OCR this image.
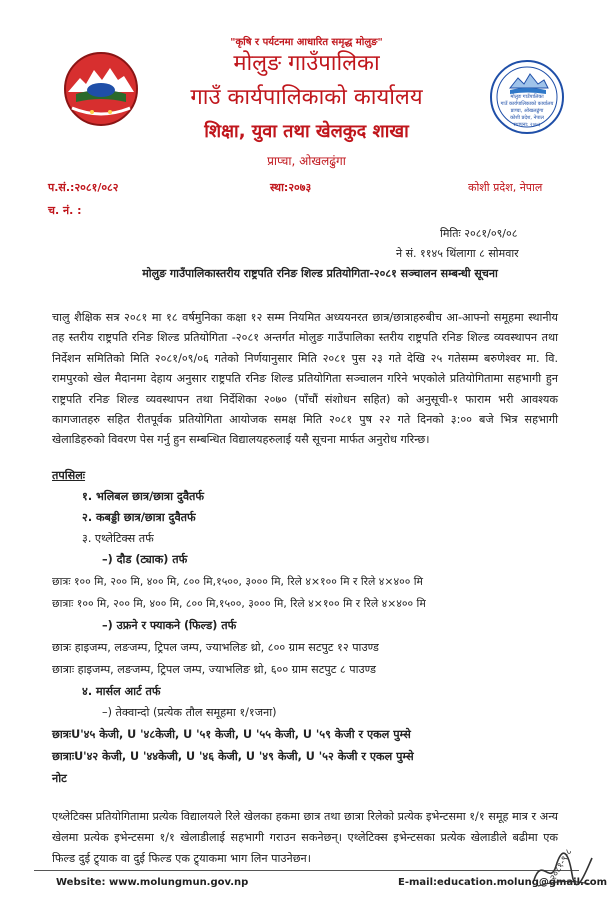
मोलुङ गाउँपालिका
गाउँ कार्यपालिकाको कार्यालय
प्राप्चा, ओखलढुंगा
कोशी प्रदेश, नेपाल
स्थापना: २०७३
"कृषि र पर्यटनमा आधारित समृद्ध मोलुङ"
मोलुङ गाउँपालिका
गाउँ कार्यपालिकाको कार्यालय
शिक्षा, युवा तथा खेलकुद शाखा
प्राप्चा, ओखलढुंगा
प.सं.:२०८१/०८२	स्था:२०७३	कोशी प्रदेश, नेपाल
च. नं. :
मितिः २०८१/०९/०८
ने सं. ११४५ थिंलागा ८ सोमवार
मोलुङ गाउँपालिकास्तरीय राष्ट्रपति रनिङ शिल्ड प्रतियोगिता-२०८१ सञ्चालन सम्बन्धी सूचना
चालु शैक्षिक सत्र २०८१ मा १८ वर्षमुनिका कक्षा १२ सम्म नियमित अध्ययनरत छात्र/छात्राहरुबीच आ-आफ्नो समूहमा स्थानीय तह स्तरीय राष्ट्रपति रनिङ शिल्ड प्रतियोगिता -२०८१ अन्तर्गत मोलुङ गाउँपालिका स्तरीय राष्ट्रपति रनिङ शिल्ड व्यवस्थापन तथा निर्देशन समितिको मिति २०८१/०९/०६ गतेको निर्णयानुसार मिति २०८१ पुस २३ गते देखि २५ गतेसम्म बरुणेश्वर मा. वि. रामपुरको खेल मैदानमा देहाय अनुसार राष्ट्रपति रनिङ शिल्ड प्रतियोगिता सञ्चालन गरिने भएकोले प्रतियोगितामा सहभागी हुन राष्ट्रपति रनिङ शिल्ड व्यवस्थापन तथा निर्देशिका २०७० (पाँचौं संशोधन सहित) को अनुसूची-१ फाराम भरी आवश्यक कागजातहरु सहित रीतपूर्वक प्रतियोगिता आयोजक समक्ष मिति २०८१ पुष २२ गते दिनको ३:०० बजे भित्र सहभागी खेलाडिहरुको विवरण पेस गर्नु हुन सम्बन्धित विद्यालयहरुलाई यसै सूचना मार्फत अनुरोध गरिन्छ।
तपसिलः
१. भलिबल छात्र/छात्रा दुवैतर्फ
२. कबड्डी छात्र/छात्रा दुवैतर्फ
३. एथ्लेटिक्स तर्फ
–) दौड (ट्याक) तर्फ
छात्रः १०० मि, २०० मि, ४०० मि, ८०० मि,१५००, ३००० मि, रिले ४×१०० मि र रिले ४×४०० मि
छात्राः १०० मि, २०० मि, ४०० मि, ८०० मि,१५००, ३००० मि, रिले ४×१०० मि र रिले ४×४०० मि
–) उफ्रने र फ्याकने (फिल्ड) तर्फ
छात्रः हाइजम्प, लङजम्प, ट्रिपल जम्प, ज्याभलिङ थ्रो, ८०० ग्राम सटपुट १२ पाउण्ड
छात्राः हाइजम्प, लङजम्प, ट्रिपल जम्प, ज्याभलिङ थ्रो, ६०० ग्राम सटपुट ८ पाउण्ड
४. मार्सल आर्ट तर्फ
–) तेक्वान्दो (प्रत्येक तौल समूहमा १/१जना)
छात्रःU'४५ केजी, U '४८केजी, U '५१ केजी, U '५५ केजी, U '५९ केजी र एकल पुम्से
छात्राःU'४२ केजी, U '४४केजी, U '४६ केजी, U '४९ केजी, U '५२ केजी र एकल पुम्से
नोट
एथ्लेटिक्स प्रतियोगितामा प्रत्येक विद्यालयले रिले खेलका हकमा छात्र तथा छात्रा रिलेको प्रत्येक इभेन्टसमा १/१ समूह मात्र र अन्य खेलमा प्रत्येक इभेन्टसमा १/१ खेलाडीलाई सहभागी गराउन सकनेछन्। एथ्लेटिक्स इभेन्टसका प्रत्येक खेलाडीले बढीमा एक फिल्ड दुई ट्र्याक वा दुई फिल्ड एक ट्र्याकमा भाग लिन पाउनेछन।
Website: www.molungmun.gov.np	E-mail:education.molung@gmail.com
२०८१-९-८
